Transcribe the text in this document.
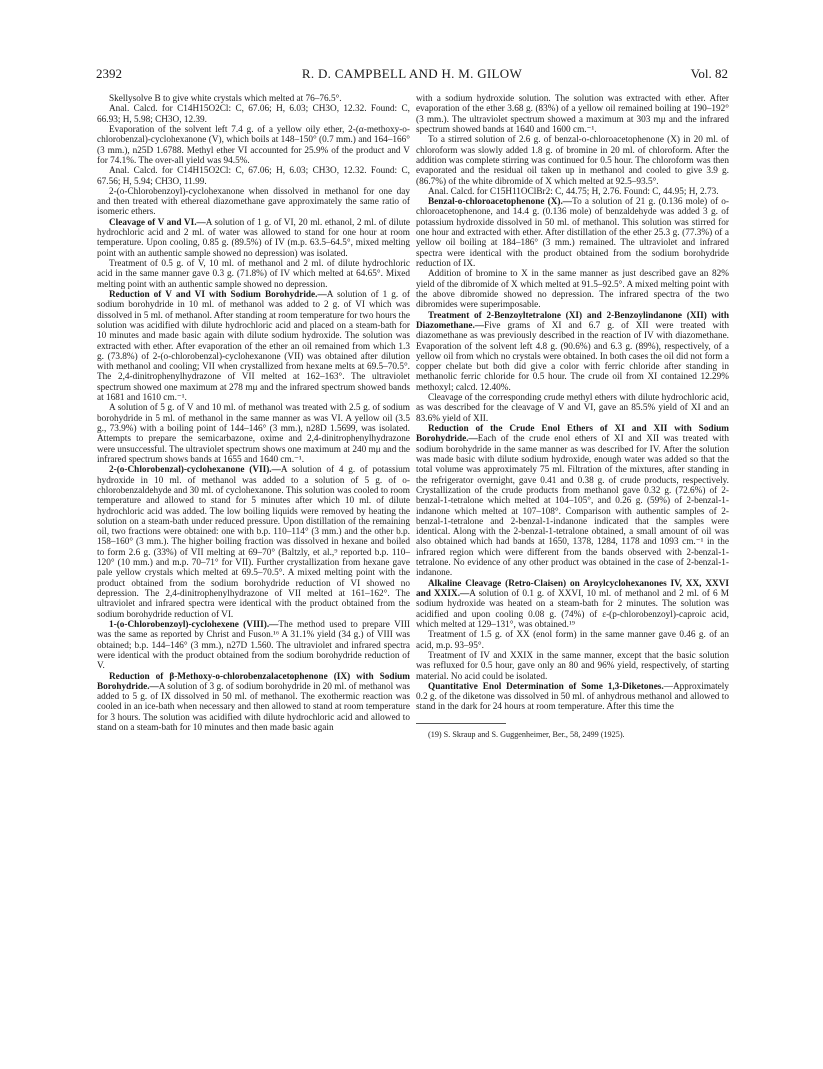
2392	R. D. CAMPBELL AND H. M. GILOW	Vol. 82

Skellysolve B to give white crystals which melted at 76–76.5°.

Anal. Calcd. for C14H15O2Cl: C, 67.06; H, 6.03; CH3O, 12.32. Found: C, 66.93; H, 5.98; CH3O, 12.39.

Evaporation of the solvent left 7.4 g. of a yellow oily ether, 2-(α-methoxy-o-chlorobenzal)-cyclohexanone (V), which boils at 148–150° (0.7 mm.) and 164–166° (3 mm.), n25D 1.6788. Methyl ether VI accounted for 25.9% of the product and V for 74.1%. The over-all yield was 94.5%.

Anal. Calcd. for C14H15O2Cl: C, 67.06; H, 6.03; CH3O, 12.32. Found: C, 67.56; H, 5.94; CH3O, 11.99.

2-(o-Chlorobenzoyl)-cyclohexanone when dissolved in methanol for one day and then treated with ethereal diazomethane gave approximately the same ratio of isomeric ethers.

Cleavage of V and VI.—A solution of 1 g. of VI, 20 ml. ethanol, 2 ml. of dilute hydrochloric acid and 2 ml. of water was allowed to stand for one hour at room temperature. Upon cooling, 0.85 g. (89.5%) of IV (m.p. 63.5–64.5°, mixed melting point with an authentic sample showed no depression) was isolated.

Treatment of 0.5 g. of V, 10 ml. of methanol and 2 ml. of dilute hydrochloric acid in the same manner gave 0.3 g. (71.8%) of IV which melted at 64.65°. Mixed melting point with an authentic sample showed no depression.

Reduction of V and VI with Sodium Borohydride.—A solution of 1 g. of sodium borohydride in 10 ml. of methanol was added to 2 g. of VI which was dissolved in 5 ml. of methanol. After standing at room temperature for two hours the solution was acidified with dilute hydrochloric acid and placed on a steam-bath for 10 minutes and made basic again with dilute sodium hydroxide. The solution was extracted with ether. After evaporation of the ether an oil remained from which 1.3 g. (73.8%) of 2-(o-chlorobenzal)-cyclohexanone (VII) was obtained after dilution with methanol and cooling; VII when crystallized from hexane melts at 69.5–70.5°. The 2,4-dinitrophenylhydrazone of VII melted at 162–163°. The ultraviolet spectrum showed one maximum at 278 mμ and the infrared spectrum showed bands at 1681 and 1610 cm.⁻¹.

A solution of 5 g. of V and 10 ml. of methanol was treated with 2.5 g. of sodium borohydride in 5 ml. of methanol in the same manner as was VI. A yellow oil (3.5 g., 73.9%) with a boiling point of 144–146° (3 mm.), n28D 1.5699, was isolated. Attempts to prepare the semicarbazone, oxime and 2,4-dinitrophenylhydrazone were unsuccessful. The ultraviolet spectrum shows one maximum at 240 mμ and the infrared spectrum shows bands at 1655 and 1640 cm.⁻¹.

2-(o-Chlorobenzal)-cyclohexanone (VII).—A solution of 4 g. of potassium hydroxide in 10 ml. of methanol was added to a solution of 5 g. of o-chlorobenzaldehyde and 30 ml. of cyclohexanone. This solution was cooled to room temperature and allowed to stand for 5 minutes after which 10 ml. of dilute hydrochloric acid was added. The low boiling liquids were removed by heating the solution on a steam-bath under reduced pressure. Upon distillation of the remaining oil, two fractions were obtained: one with b.p. 110–114° (3 mm.) and the other b.p. 158–160° (3 mm.). The higher boiling fraction was dissolved in hexane and boiled to form 2.6 g. (33%) of VII melting at 69–70° (Baltzly, et al.,⁹ reported b.p. 110–120° (10 mm.) and m.p. 70–71° for VII). Further crystallization from hexane gave pale yellow crystals which melted at 69.5–70.5°. A mixed melting point with the product obtained from the sodium borohydride reduction of VI showed no depression. The 2,4-dinitrophenylhydrazone of VII melted at 161–162°. The ultraviolet and infrared spectra were identical with the product obtained from the sodium borohydride reduction of VI.

1-(o-Chlorobenzoyl)-cyclohexene (VIII).—The method used to prepare VIII was the same as reported by Christ and Fuson.¹⁶ A 31.1% yield (34 g.) of VIII was obtained; b.p. 144–146° (3 mm.), n27D 1.560. The ultraviolet and infrared spectra were identical with the product obtained from the sodium borohydride reduction of V.

Reduction of β-Methoxy-o-chlorobenzalacetophenone (IX) with Sodium Borohydride.—A solution of 3 g. of sodium borohydride in 20 ml. of methanol was added to 5 g. of IX dissolved in 50 ml. of methanol. The exothermic reaction was cooled in an ice-bath when necessary and then allowed to stand at room temperature for 3 hours. The solution was acidified with dilute hydrochloric acid and allowed to stand on a steam-bath for 10 minutes and then made basic again

with a sodium hydroxide solution. The solution was extracted with ether. After evaporation of the ether 3.68 g. (83%) of a yellow oil remained boiling at 190–192° (3 mm.). The ultraviolet spectrum showed a maximum at 303 mμ and the infrared spectrum showed bands at 1640 and 1600 cm.⁻¹.

To a stirred solution of 2.6 g. of benzal-o-chloroacetophenone (X) in 20 ml. of chloroform was slowly added 1.8 g. of bromine in 20 ml. of chloroform. After the addition was complete stirring was continued for 0.5 hour. The chloroform was then evaporated and the residual oil taken up in methanol and cooled to give 3.9 g. (86.7%) of the white dibromide of X which melted at 92.5–93.5°.

Anal. Calcd. for C15H11OClBr2: C, 44.75; H, 2.76. Found: C, 44.95; H, 2.73.

Benzal-o-chloroacetophenone (X).—To a solution of 21 g. (0.136 mole) of o-chloroacetophenone, and 14.4 g. (0.136 mole) of benzaldehyde was added 3 g. of potassium hydroxide dissolved in 50 ml. of methanol. This solution was stirred for one hour and extracted with ether. After distillation of the ether 25.3 g. (77.3%) of a yellow oil boiling at 184–186° (3 mm.) remained. The ultraviolet and infrared spectra were identical with the product obtained from the sodium borohydride reduction of IX.

Addition of bromine to X in the same manner as just described gave an 82% yield of the dibromide of X which melted at 91.5–92.5°. A mixed melting point with the above dibromide showed no depression. The infrared spectra of the two dibromides were superimposable.

Treatment of 2-Benzoyltetralone (XI) and 2-Benzoylindanone (XII) with Diazomethane.—Five grams of XI and 6.7 g. of XII were treated with diazomethane as was previously described in the reaction of IV with diazomethane. Evaporation of the solvent left 4.8 g. (90.6%) and 6.3 g. (89%), respectively, of a yellow oil from which no crystals were obtained. In both cases the oil did not form a copper chelate but both did give a color with ferric chloride after standing in methanolic ferric chloride for 0.5 hour. The crude oil from XI contained 12.29% methoxyl; calcd. 12.40%.

Cleavage of the corresponding crude methyl ethers with dilute hydrochloric acid, as was described for the cleavage of V and VI, gave an 85.5% yield of XI and an 83.6% yield of XII.

Reduction of the Crude Enol Ethers of XI and XII with Sodium Borohydride.—Each of the crude enol ethers of XI and XII was treated with sodium borohydride in the same manner as was described for IV. After the solution was made basic with dilute sodium hydroxide, enough water was added so that the total volume was approximately 75 ml. Filtration of the mixtures, after standing in the refrigerator overnight, gave 0.41 and 0.38 g. of crude products, respectively. Crystallization of the crude products from methanol gave 0.32 g. (72.6%) of 2-benzal-1-tetralone which melted at 104–105°, and 0.26 g. (59%) of 2-benzal-1-indanone which melted at 107–108°. Comparison with authentic samples of 2-benzal-1-tetralone and 2-benzal-1-indanone indicated that the samples were identical. Along with the 2-benzal-1-tetralone obtained, a small amount of oil was also obtained which had bands at 1650, 1378, 1284, 1178 and 1093 cm.⁻¹ in the infrared region which were different from the bands observed with 2-benzal-1-tetralone. No evidence of any other product was obtained in the case of 2-benzal-1-indanone.

Alkaline Cleavage (Retro-Claisen) on Aroylcyclohexanones IV, XX, XXVI and XXIX.—A solution of 0.1 g. of XXVI, 10 ml. of methanol and 2 ml. of 6 M sodium hydroxide was heated on a steam-bath for 2 minutes. The solution was acidified and upon cooling 0.08 g. (74%) of ε-(p-chlorobenzoyl)-caproic acid, which melted at 129–131°, was obtained.¹⁹

Treatment of 1.5 g. of XX (enol form) in the same manner gave 0.46 g. of an acid, m.p. 93–95°.

Treatment of IV and XXIX in the same manner, except that the basic solution was refluxed for 0.5 hour, gave only an 80 and 96% yield, respectively, of starting material. No acid could be isolated.

Quantitative Enol Determination of Some 1,3-Diketones.—Approximately 0.2 g. of the diketone was dissolved in 50 ml. of anhydrous methanol and allowed to stand in the dark for 24 hours at room temperature. After this time the

(19) S. Skraup and S. Guggenheimer, Ber., 58, 2499 (1925).
